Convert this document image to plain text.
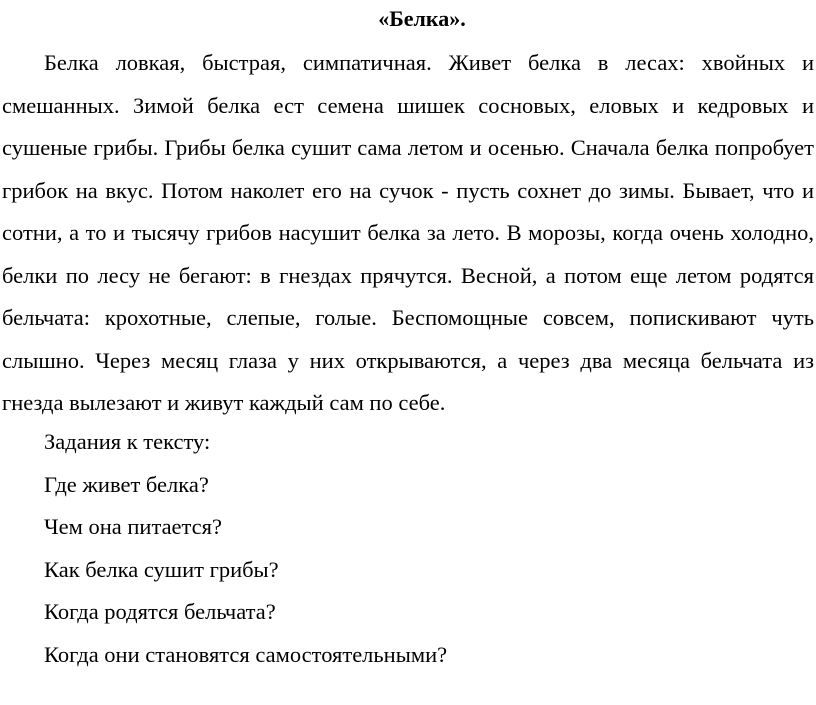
«Белка».

Белка ловкая, быстрая, симпатичная. Живет белка в лесах: хвойных и смешанных. Зимой белка ест семена шишек сосновых, еловых и кедровых и сушеные грибы. Грибы белка сушит сама летом и осенью. Сначала белка попробует грибок на вкус. Потом наколет его на сучок - пусть сохнет до зимы. Бывает, что и сотни, а то и тысячу грибов насушит белка за лето. В морозы, когда очень холодно, белки по лесу не бегают: в гнездах прячутся. Весной, а потом еще летом родятся бельчата: крохотные, слепые, голые. Беспомощные совсем, попискивают чуть слышно. Через месяц глаза у них открываются, а через два месяца бельчата из гнезда вылезают и живут каждый сам по себе.

Задания к тексту:
Где живет белка?
Чем она питается?
Как белка сушит грибы?
Когда родятся бельчата?
Когда они становятся самостоятельными?
